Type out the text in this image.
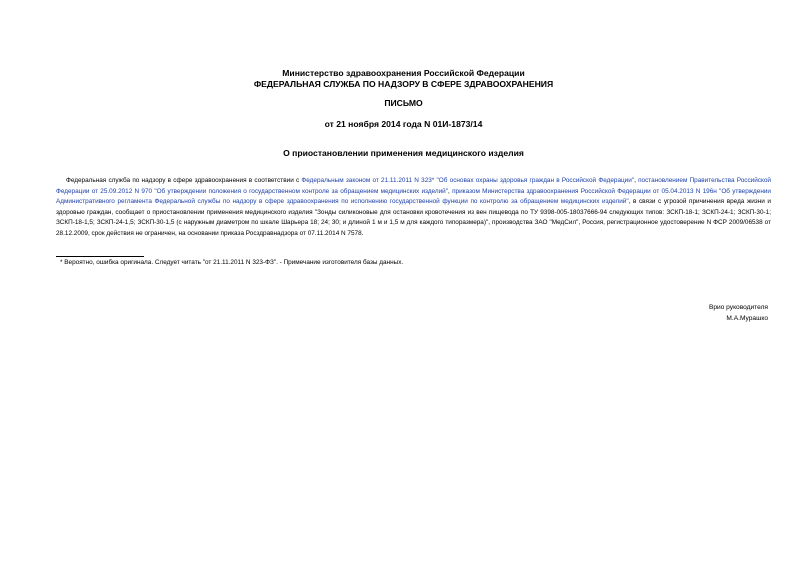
Министерство здравоохранения Российской Федерации
ФЕДЕРАЛЬНАЯ СЛУЖБА ПО НАДЗОРУ В СФЕРЕ ЗДРАВООХРАНЕНИЯ
ПИСЬМО
от 21 ноября 2014 года N 01И-1873/14
О приостановлении применения медицинского изделия

Федеральная служба по надзору в сфере здравоохранения в соответствии с Федеральным законом от 21.11.2011 N 323* "Об основах охраны здоровья граждан в Российской Федерации", постановлением Правительства Российской Федерации от 25.09.2012 N 970 "Об утверждении положения о государственном контроле за обращением медицинских изделий", приказом Министерства здравоохранения Российской Федерации от 05.04.2013 N 196н "Об утверждении Административного регламента Федеральной службы по надзору в сфере здравоохранения по исполнению государственной функции по контролю за обращением медицинских изделий", в связи с угрозой причинения вреда жизни и здоровью граждан, сообщает о приостановлении применения медицинского изделия "Зонды силиконовые для остановки кровотечения из вен пищевода по ТУ 9398-005-18037666-94 следующих типов: ЗСКП-18-1; ЗСКП-24-1; ЗСКП-30-1; ЗСКП-18-1,5; ЗСКП-24-1,5; ЗСКП-30-1,5 (с наружным диаметром по шкале Шарьера 18; 24; 30; и длиной 1 м и 1,5 м для каждого типоразмера)", производства ЗАО "МедСил", Россия, регистрационное удостоверение N ФСР 2009/06538 от 28.12.2009, срок действия не ограничен, на основании приказа Росздравнадзора от 07.11.2014 N 7578.

* Вероятно, ошибка оригинала. Следует читать "от 21.11.2011 N 323-ФЗ". - Примечание изготовителя базы данных.

Врио руководителя
М.А.Мурашко
